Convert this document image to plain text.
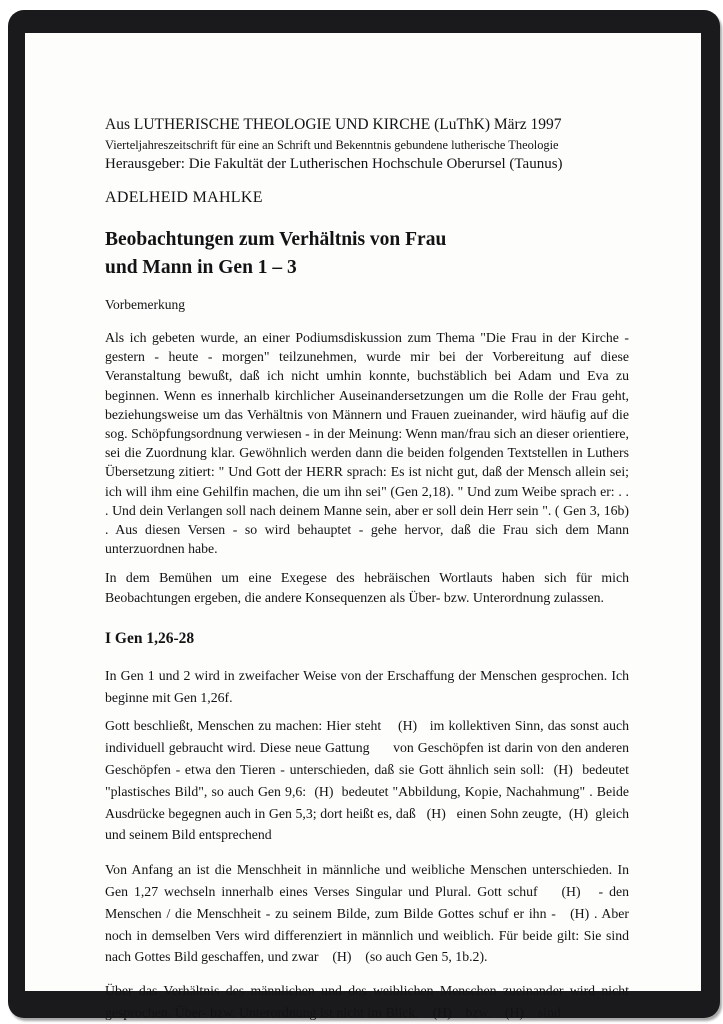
Aus LUTHERISCHE THEOLOGIE UND KIRCHE (LuThK) März 1997
Vierteljahreszeitschrift für eine an Schrift und Bekenntnis gebundene lutherische Theologie
Herausgeber: Die Fakultät der Lutherischen Hochschule Oberursel (Taunus)
ADELHEID MAHLKE
Beobachtungen zum Verhältnis von Frau
und Mann in Gen 1 – 3
Vorbemerkung

Als ich gebeten wurde, an einer Podiumsdiskussion zum Thema "Die Frau in der Kirche - gestern - heute - morgen" teilzunehmen, wurde mir bei der Vorbereitung auf diese Veranstaltung bewußt, daß ich nicht umhin konnte, buchstäblich bei Adam und Eva zu beginnen. Wenn es innerhalb kirchlicher Auseinandersetzungen um die Rolle der Frau geht, beziehungsweise um das Verhältnis von Männern und Frauen zueinander, wird häufig auf die sog. Schöpfungsordnung verwiesen - in der Meinung: Wenn man/frau sich an dieser orientiere, sei die Zuordnung klar. Gewöhnlich werden dann die beiden folgenden Textstellen in Luthers Übersetzung zitiert: " Und Gott der HERR sprach: Es ist nicht gut, daß der Mensch allein sei; ich will ihm eine Gehilfin machen, die um ihn sei" (Gen 2,18). " Und zum Weibe sprach er: . . . Und dein Verlangen soll nach deinem Manne sein, aber er soll dein Herr sein ". ( Gen 3, 16b) . Aus diesen Versen - so wird behauptet - gehe hervor, daß die Frau sich dem Mann unterzuordnen habe.

In dem Bemühen um eine Exegese des hebräischen Wortlauts haben sich für mich Beobachtungen ergeben, die andere Konsequenzen als Über- bzw. Unterordnung zulassen.

I Gen 1,26-28

In Gen 1 und 2 wird in zweifacher Weise von der Erschaffung der Menschen gesprochen. Ich beginne mit Gen 1,26f.

Gott beschließt, Menschen zu machen: Hier steht    (H)   im kollektiven Sinn, das sonst auch individuell gebraucht wird. Diese neue Gattung      von Geschöpfen ist darin von den anderen Geschöpfen - etwa den Tieren - unterschieden, daß sie Gott ähnlich sein soll:  (H)  bedeutet "plastisches Bild", so auch Gen 9,6:  (H)  bedeutet "Abbildung, Kopie, Nachahmung" . Beide Ausdrücke begegnen auch in Gen 5,3; dort heißt es, daß   (H)   einen Sohn zeugte,  (H)  gleich und seinem Bild entsprechend

Von Anfang an ist die Menschheit in männliche und weibliche Menschen unterschieden. In Gen 1,27 wechseln innerhalb eines Verses Singular und Plural. Gott schuf    (H)   - den Menschen / die Menschheit - zu seinem Bilde, zum Bilde Gottes schuf er ihn -   (H) . Aber noch in demselben Vers wird differenziert in männlich und weiblich. Für beide gilt: Sie sind nach Gottes Bild geschaffen, und zwar    (H)    (so auch Gen 5, 1b.2).

Über das Verhältnis des männlichen und des weiblichen Menschen zueinander wird nicht gesprochen. Über- bzw. Unterordnung ist nicht im Blick.    (H)    bzw.    (H)    sind
